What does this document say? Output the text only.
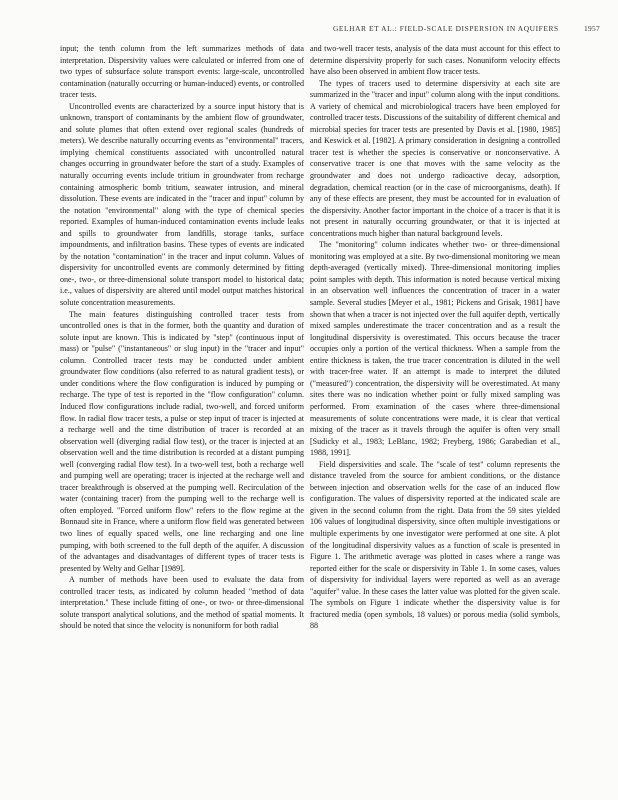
GELHAR ET AL.: FIELD-SCALE DISPERSION IN AQUIFERS	1957

input; the tenth column from the left summarizes methods of data interpretation. Dispersivity values were calculated or inferred from one of two types of subsurface solute transport events: large-scale, uncontrolled contamination (naturally occurring or human-induced) events, or controlled tracer tests.

Uncontrolled events are characterized by a source input history that is unknown, transport of contaminants by the ambient flow of groundwater, and solute plumes that often extend over regional scales (hundreds of meters). We describe naturally occurring events as "environmental" tracers, implying chemical constituents associated with uncontrolled natural changes occurring in groundwater before the start of a study. Examples of naturally occurring events include tritium in groundwater from recharge containing atmospheric bomb tritium, seawater intrusion, and mineral dissolution. These events are indicated in the "tracer and input" column by the notation "environmental" along with the type of chemical species reported. Examples of human-induced contamination events include leaks and spills to groundwater from landfills, storage tanks, surface impoundments, and infiltration basins. These types of events are indicated by the notation "contamination" in the tracer and input column. Values of dispersivity for uncontrolled events are commonly determined by fitting one-, two-, or three-dimensional solute transport model to historical data; i.e., values of dispersivity are altered until model output matches historical solute concentration measurements.

The main features distinguishing controlled tracer tests from uncontrolled ones is that in the former, both the quantity and duration of solute input are known. This is indicated by "step" (continuous input of mass) or "pulse" ("instantaneous" or slug input) in the "tracer and input" column. Controlled tracer tests may be conducted under ambient groundwater flow conditions (also referred to as natural gradient tests), or under conditions where the flow configuration is induced by pumping or recharge. The type of test is reported in the "flow configuration" column. Induced flow configurations include radial, two-well, and forced uniform flow. In radial flow tracer tests, a pulse or step input of tracer is injected at a recharge well and the time distribution of tracer is recorded at an observation well (diverging radial flow test), or the tracer is injected at an observation well and the time distribution is recorded at a distant pumping well (converging radial flow test). In a two-well test, both a recharge well and pumping well are operating; tracer is injected at the recharge well and tracer breakthrough is observed at the pumping well. Recirculation of the water (containing tracer) from the pumping well to the recharge well is often employed. "Forced uniform flow" refers to the flow regime at the Bonnaud site in France, where a uniform flow field was generated between two lines of equally spaced wells, one line recharging and one line pumping, with both screened to the full depth of the aquifer. A discussion of the advantages and disadvantages of different types of tracer tests is presented by Welty and Gelhar [1989].

A number of methods have been used to evaluate the data from controlled tracer tests, as indicated by column headed "method of data interpretation." These include fitting of one-, or two- or three-dimensional solute transport analytical solutions, and the method of spatial moments. It should be noted that since the velocity is nonuniform for both radial

and two-well tracer tests, analysis of the data must account for this effect to determine dispersivity properly for such cases. Nonuniform velocity effects have also been observed in ambient flow tracer tests.

The types of tracers used to determine dispersivity at each site are summarized in the "tracer and input" column along with the input conditions. A variety of chemical and microbiological tracers have been employed for controlled tracer tests. Discussions of the suitability of different chemical and microbial species for tracer tests are presented by Davis et al. [1980, 1985] and Keswick et al. [1982]. A primary consideration in designing a controlled tracer test is whether the species is conservative or nonconservative. A conservative tracer is one that moves with the same velocity as the groundwater and does not undergo radioactive decay, adsorption, degradation, chemical reaction (or in the case of microorganisms, death). If any of these effects are present, they must be accounted for in evaluation of the dispersivity. Another factor important in the choice of a tracer is that it is not present in naturally occurring groundwater, or that it is injected at concentrations much higher than natural background levels.

The "monitoring" column indicates whether two- or three-dimensional monitoring was employed at a site. By two-dimensional monitoring we mean depth-averaged (vertically mixed). Three-dimensional monitoring implies point samples with depth. This information is noted because vertical mixing in an observation well influences the concentration of tracer in a water sample. Several studies [Meyer et al., 1981; Pickens and Grisak, 1981] have shown that when a tracer is not injected over the full aquifer depth, vertically mixed samples underestimate the tracer concentration and as a result the longitudinal dispersivity is overestimated. This occurs because the tracer occupies only a portion of the vertical thickness. When a sample from the entire thickness is taken, the true tracer concentration is diluted in the well with tracer-free water. If an attempt is made to interpret the diluted ("measured") concentration, the dispersivity will be overestimated. At many sites there was no indication whether point or fully mixed sampling was performed. From examination of the cases where three-dimensional measurements of solute concentrations were made, it is clear that vertical mixing of the tracer as it travels through the aquifer is often very small [Sudicky et al., 1983; LeBlanc, 1982; Freyberg, 1986; Garabedian et al., 1988, 1991].

Field dispersivities and scale. The "scale of test" column represents the distance traveled from the source for ambient conditions, or the distance between injection and observation wells for the case of an induced flow configuration. The values of dispersivity reported at the indicated scale are given in the second column from the right. Data from the 59 sites yielded 106 values of longitudinal dispersivity, since often multiple investigations or multiple experiments by one investigator were performed at one site. A plot of the longitudinal dispersivity values as a function of scale is presented in Figure 1. The arithmetic average was plotted in cases where a range was reported either for the scale or dispersivity in Table 1. In some cases, values of dispersivity for individual layers were reported as well as an average "aquifer" value. In these cases the latter value was plotted for the given scale. The symbols on Figure 1 indicate whether the dispersivity value is for fractured media (open symbols, 18 values) or porous media (solid symbols, 88
